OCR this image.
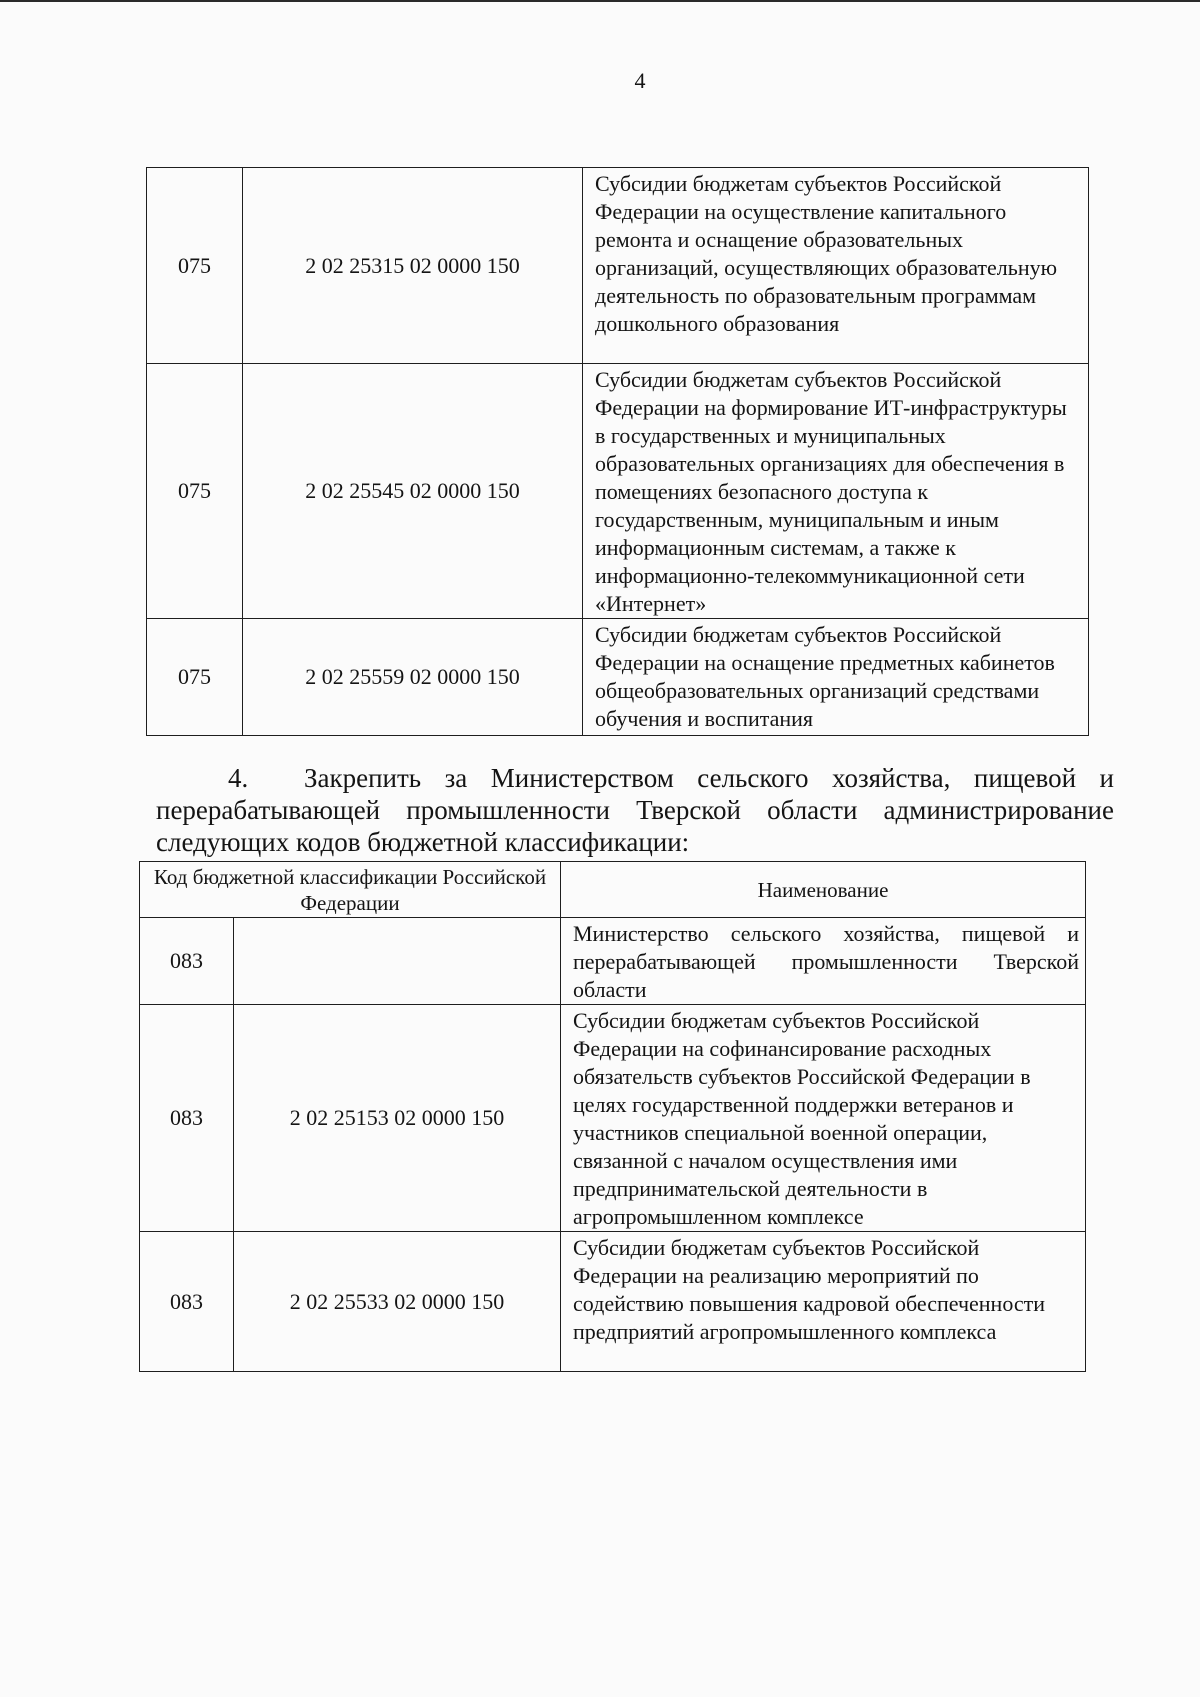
4
075	2 02 25315 02 0000 150	Субсидии бюджетам субъектов Российской Федерации на осуществление капитального ремонта и оснащение образовательных организаций, осуществляющих образовательную деятельность по образовательным программам дошкольного образования
075	2 02 25545 02 0000 150	Субсидии бюджетам субъектов Российской Федерации на формирование ИТ-инфраструктуры в государственных и муниципальных образовательных организациях для обеспечения в помещениях безопасного доступа к государственным, муниципальным и иным информационным системам, а также к информационно-телекоммуникационной сети «Интернет»
075	2 02 25559 02 0000 150	Субсидии бюджетам субъектов Российской Федерации на оснащение предметных кабинетов общеобразовательных организаций средствами обучения и воспитания
4. Закрепить за Министерством сельского хозяйства, пищевой и перерабатывающей промышленности Тверской области администрирование следующих кодов бюджетной классификации:
Код бюджетной классификации Российской Федерации		Наименование
083		Министерство сельского хозяйства, пищевой и перерабатывающей промышленности Тверской области
083	2 02 25153 02 0000 150	Субсидии бюджетам субъектов Российской Федерации на софинансирование расходных обязательств субъектов Российской Федерации в целях государственной поддержки ветеранов и участников специальной военной операции, связанной с началом осуществления ими предпринимательской деятельности в агропромышленном комплексе
083	2 02 25533 02 0000 150	Субсидии бюджетам субъектов Российской Федерации на реализацию мероприятий по содействию повышения кадровой обеспеченности предприятий агропромышленного комплекса
